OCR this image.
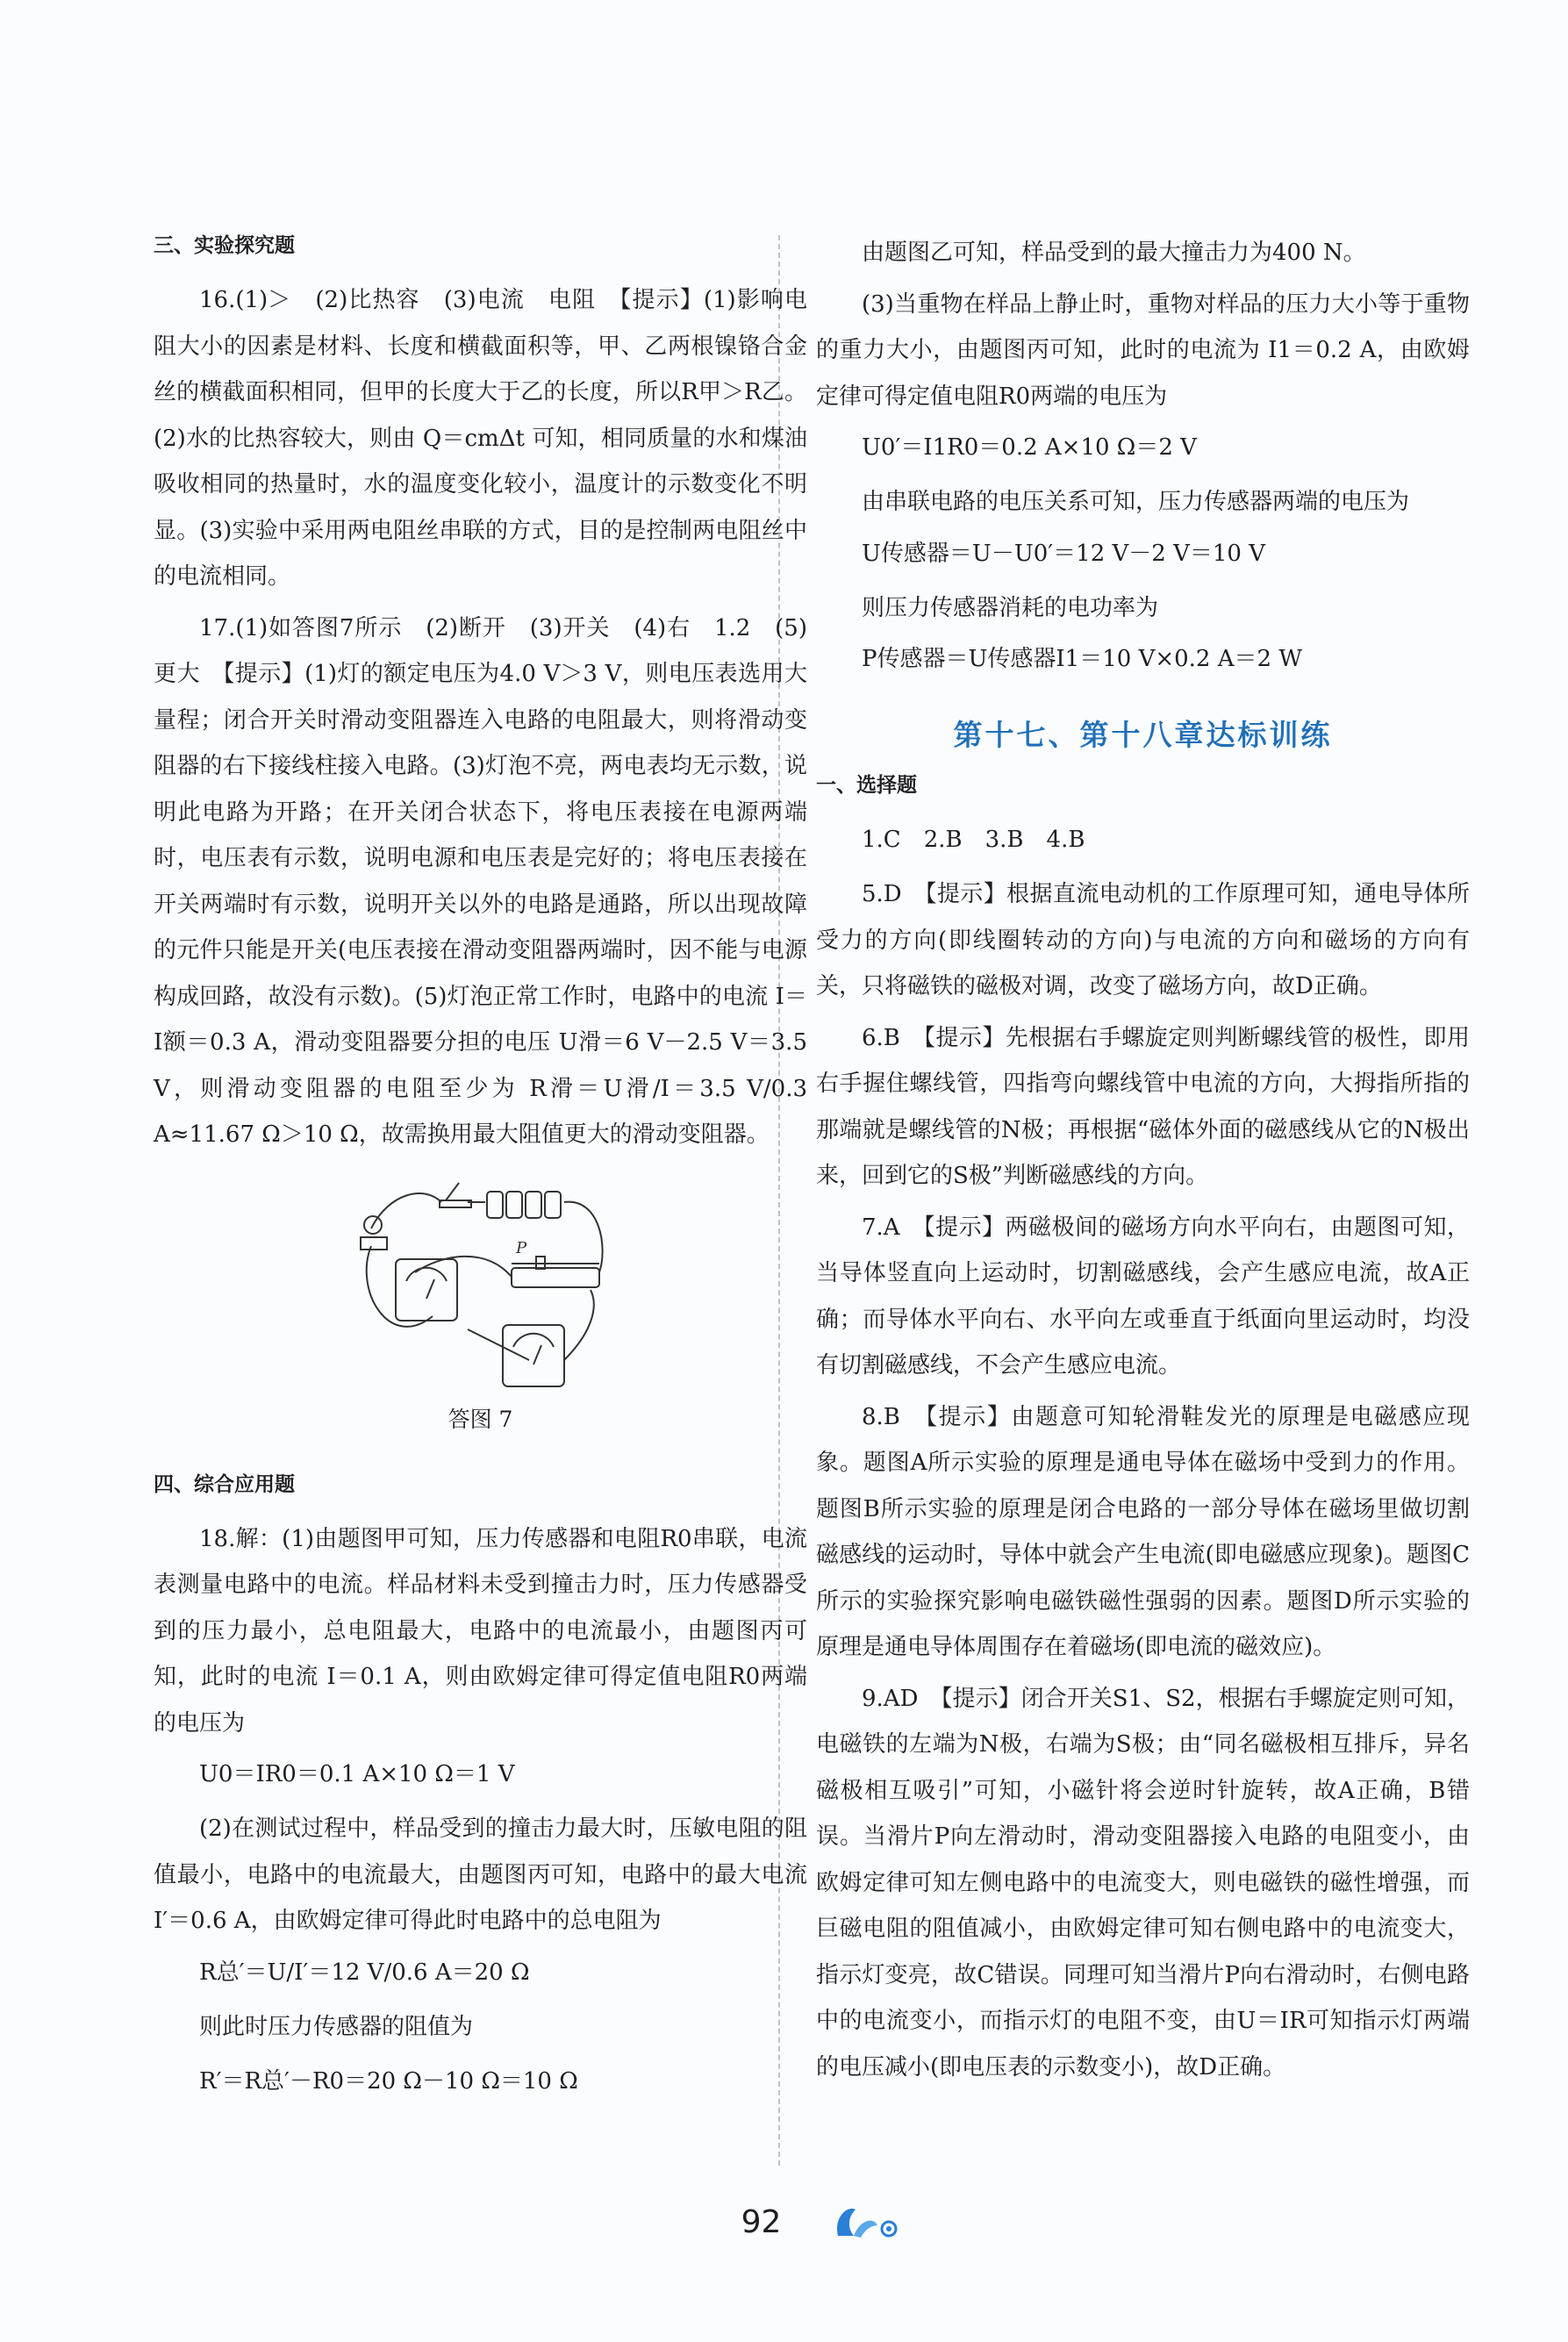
三、实验探究题

16.(1)＞　(2)比热容　(3)电流　电阻　【提示】(1)影响电阻大小的因素是材料、长度和横截面积等，甲、乙两根镍铬合金丝的横截面积相同，但甲的长度大于乙的长度，所以R甲＞R乙。(2)水的比热容较大，则由 Q＝cmΔt 可知，相同质量的水和煤油吸收相同的热量时，水的温度变化较小，温度计的示数变化不明显。(3)实验中采用两电阻丝串联的方式，目的是控制两电阻丝中的电流相同。

17.(1)如答图7所示　(2)断开　(3)开关　(4)右　1.2　(5)更大　【提示】(1)灯的额定电压为4.0 V＞3 V，则电压表选用大量程；闭合开关时滑动变阻器连入电路的电阻最大，则将滑动变阻器的右下接线柱接入电路。(3)灯泡不亮，两电表均无示数，说明此电路为开路；在开关闭合状态下，将电压表接在电源两端时，电压表有示数，说明电源和电压表是完好的；将电压表接在开关两端时有示数，说明开关以外的电路是通路，所以出现故障的元件只能是开关(电压表接在滑动变阻器两端时，因不能与电源构成回路，故没有示数)。(5)灯泡正常工作时，电路中的电流 I＝I额＝0.3 A，滑动变阻器要分担的电压 U滑＝6 V－2.5 V＝3.5 V，则滑动变阻器的电阻至少为 R滑＝U滑/I＝3.5 V/0.3 A≈11.67 Ω＞10 Ω，故需换用最大阻值更大的滑动变阻器。

P
答图 7
四、综合应用题

18.解：(1)由题图甲可知，压力传感器和电阻R0串联，电流表测量电路中的电流。样品材料未受到撞击力时，压力传感器受到的压力最小，总电阻最大，电路中的电流最小，由题图丙可知，此时的电流 I＝0.1 A，则由欧姆定律可得定值电阻R0两端的电压为

U0＝IR0＝0.1 A×10 Ω＝1 V

(2)在测试过程中，样品受到的撞击力最大时，压敏电阻的阻值最小，电路中的电流最大，由题图丙可知，电路中的最大电流 I′＝0.6 A，由欧姆定律可得此时电路中的总电阻为

R总′＝U/I′＝12 V/0.6 A＝20 Ω

则此时压力传感器的阻值为

R′＝R总′－R0＝20 Ω－10 Ω＝10 Ω

由题图乙可知，样品受到的最大撞击力为400 N。

(3)当重物在样品上静止时，重物对样品的压力大小等于重物的重力大小，由题图丙可知，此时的电流为 I1＝0.2 A，由欧姆定律可得定值电阻R0两端的电压为

U0′＝I1R0＝0.2 A×10 Ω＝2 V

由串联电路的电压关系可知，压力传感器两端的电压为

U传感器＝U－U0′＝12 V－2 V＝10 V

则压力传感器消耗的电功率为

P传感器＝U传感器I1＝10 V×0.2 A＝2 W

第十七、第十八章达标训练
一、选择题

1.C　2.B　3.B　4.B

5.D　【提示】根据直流电动机的工作原理可知，通电导体所受力的方向(即线圈转动的方向)与电流的方向和磁场的方向有关，只将磁铁的磁极对调，改变了磁场方向，故D正确。

6.B　【提示】先根据右手螺旋定则判断螺线管的极性，即用右手握住螺线管，四指弯向螺线管中电流的方向，大拇指所指的那端就是螺线管的N极；再根据“磁体外面的磁感线从它的N极出来，回到它的S极”判断磁感线的方向。

7.A　【提示】两磁极间的磁场方向水平向右，由题图可知，当导体竖直向上运动时，切割磁感线，会产生感应电流，故A正确；而导体水平向右、水平向左或垂直于纸面向里运动时，均没有切割磁感线，不会产生感应电流。

8.B　【提示】由题意可知轮滑鞋发光的原理是电磁感应现象。题图A所示实验的原理是通电导体在磁场中受到力的作用。题图B所示实验的原理是闭合电路的一部分导体在磁场里做切割磁感线的运动时，导体中就会产生电流(即电磁感应现象)。题图C所示的实验探究影响电磁铁磁性强弱的因素。题图D所示实验的原理是通电导体周围存在着磁场(即电流的磁效应)。

9.AD　【提示】闭合开关S1、S2，根据右手螺旋定则可知，电磁铁的左端为N极，右端为S极；由“同名磁极相互排斥，异名磁极相互吸引”可知，小磁针将会逆时针旋转，故A正确，B错误。当滑片P向左滑动时，滑动变阻器接入电路的电阻变小，由欧姆定律可知左侧电路中的电流变大，则电磁铁的磁性增强，而巨磁电阻的阻值减小，由欧姆定律可知右侧电路中的电流变大，指示灯变亮，故C错误。同理可知当滑片P向右滑动时，右侧电路中的电流变小，而指示灯的电阻不变，由U＝IR可知指示灯两端的电压减小(即电压表的示数变小)，故D正确。

92
